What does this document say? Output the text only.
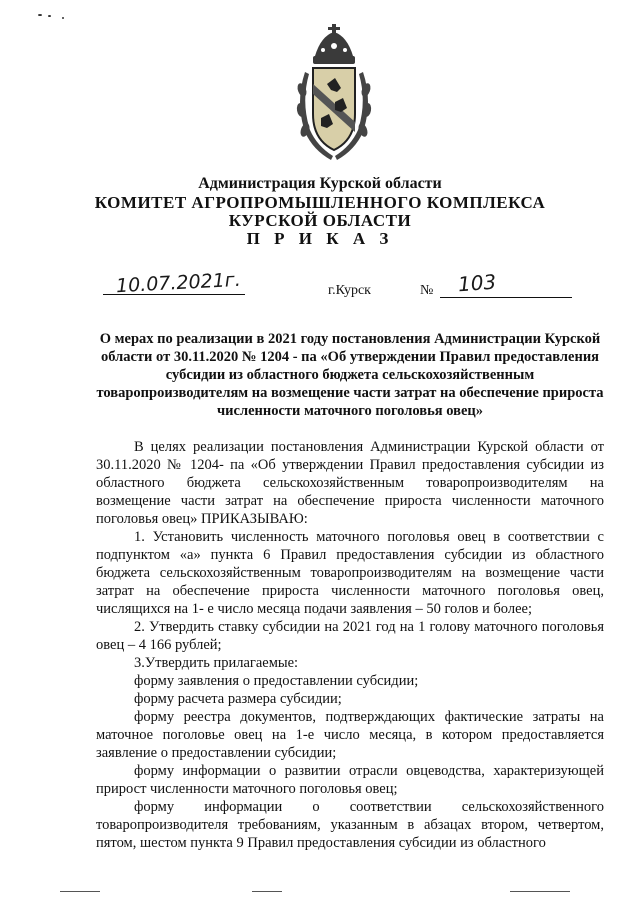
Администрация Курской области
КОМИТЕТ АГРОПРОМЫШЛЕННОГО КОМПЛЕКСА
КУРСКОЙ ОБЛАСТИ
П Р И К А З
10.07.2021г.	г.Курск	№ 103
О мерах по реализации в 2021 году постановления Администрации Курской области от 30.11.2020 № 1204 - па «Об утверждении Правил предоставления субсидии из областного бюджета сельскохозяйственным товаропроизводителям на возмещение части затрат на обеспечение прироста численности маточного поголовья овец»

В целях реализации постановления Администрации Курской области от 30.11.2020 № 1204- па «Об утверждении Правил предоставления субсидии из областного бюджета сельскохозяйственным товаропроизводителям на возмещение части затрат на обеспечение прироста численности маточного поголовья овец» ПРИКАЗЫВАЮ:

1. Установить численность маточного поголовья овец в соответствии с подпунктом «а» пункта 6 Правил предоставления субсидии из областного бюджета сельскохозяйственным товаропроизводителям на возмещение части затрат на обеспечение прироста численности маточного поголовья овец, числящихся на 1- е число месяца подачи заявления – 50 голов и более;

2. Утвердить ставку субсидии на 2021 год на 1 голову маточного поголовья овец – 4 166 рублей;

3.Утвердить прилагаемые:

форму заявления о предоставлении субсидии;

форму расчета размера субсидии;

форму реестра документов, подтверждающих фактические затраты на маточное поголовье овец на 1-е число месяца, в котором предоставляется заявление о предоставлении субсидии;

форму информации о развитии отрасли овцеводства, характеризующей прирост численности маточного поголовья овец;

форму информации о соответствии сельскохозяйственного товаропроизводителя требованиям, указанным в абзацах втором, четвертом, пятом, шестом пункта 9 Правил предоставления субсидии из областного
